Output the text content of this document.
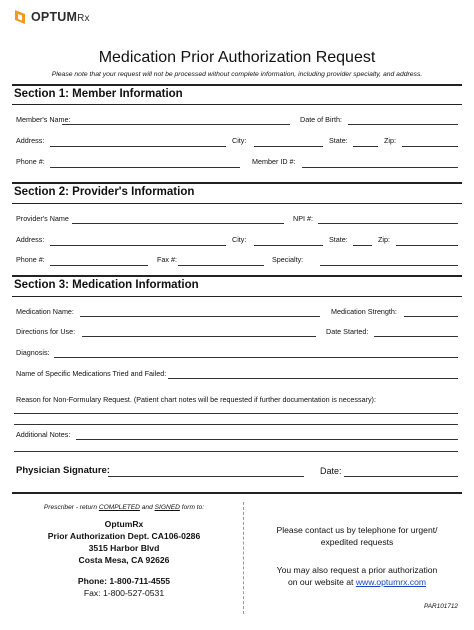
OPTUMRx
Medication Prior Authorization Request
Please note that your request will not be processed without complete information, including provider specialty, and address.
Section 1: Member Information
Member's Name:	Date of Birth:
Address:	City:	State:	Zip:
Phone #:	Member ID #:
Section 2: Provider's Information
Provider's Name	NPI #:
Address:	City:	State:	Zip:
Phone #:	Fax #:	Specialty:
Section 3: Medication Information
Medication Name:	Medication Strength:
Directions for Use:	Date Started:
Diagnosis:
Name of Specific Medications Tried and Failed:
Reason for Non-Formulary Request. (Patient chart notes will be requested if further documentation is necessary):
Additional Notes:
Physician Signature:	Date:
Prescriber - return COMPLETED and SIGNED form to:
OptumRx
Prior Authorization Dept. CA106-0286
3515 Harbor Blvd
Costa Mesa, CA 92626
Phone: 1-800-711-4555
Fax: 1-800-527-0531
Please contact us by telephone for urgent/
expedited requests
You may also request a prior authorization
on our website at www.optumrx.com
PAR101712
